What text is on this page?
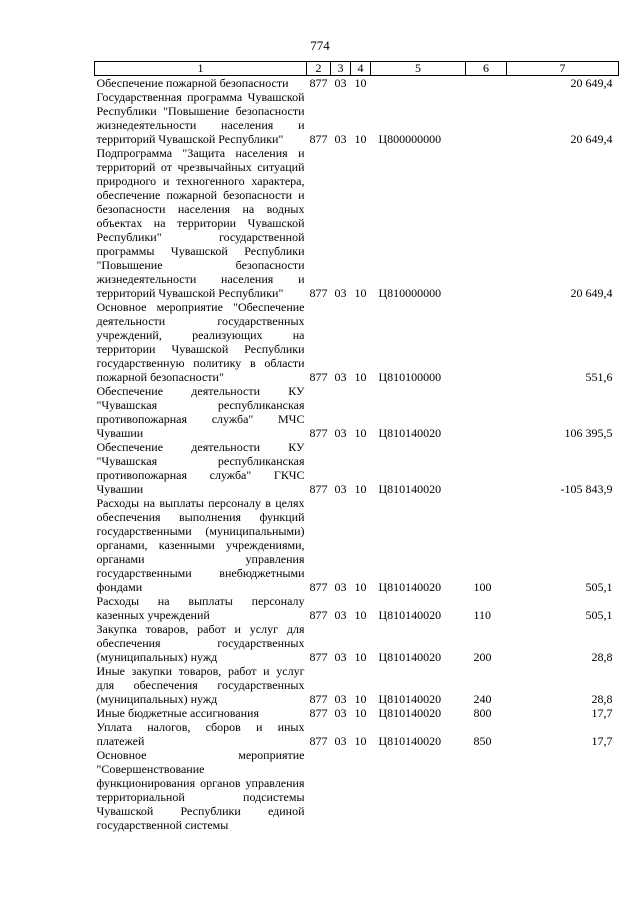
774
1	2	3	4	5	6	7
Обеспечение пожарной безопасности	877	03	10			20 649,4
Государственная программа Чувашской Республики "Повышение безопасности жизнедеятельности населения и территорий Чувашской Республики"	877	03	10	Ц800000000		20 649,4
Подпрограмма "Защита населения и территорий от чрезвычайных ситуаций природного и техногенного характера, обеспечение пожарной безопасности и безопасности населения на водных объектах на территории Чувашской Республики" государственной программы Чувашской Республики "Повышение безопасности жизнедеятельности населения и территорий Чувашской Республики"	877	03	10	Ц810000000		20 649,4
Основное мероприятие "Обеспечение деятельности государственных учреждений, реализующих на территории Чувашской Республики государственную политику в области пожарной безопасности"	877	03	10	Ц810100000		551,6
Обеспечение деятельности КУ "Чувашская республиканская противопожарная служба" МЧС Чувашии	877	03	10	Ц810140020		106 395,5
Обеспечение деятельности КУ "Чувашская республиканская противопожарная служба" ГКЧС Чувашии	877	03	10	Ц810140020		-105 843,9
Расходы на выплаты персоналу в целях обеспечения выполнения функций государственными (муниципальными) органами, казенными учреждениями, органами управления государственными внебюджетными фондами	877	03	10	Ц810140020	100	505,1
Расходы на выплаты персоналу казенных учреждений	877	03	10	Ц810140020	110	505,1
Закупка товаров, работ и услуг для обеспечения государственных (муниципальных) нужд	877	03	10	Ц810140020	200	28,8
Иные закупки товаров, работ и услуг для обеспечения государственных (муниципальных) нужд	877	03	10	Ц810140020	240	28,8
Иные бюджетные ассигнования	877	03	10	Ц810140020	800	17,7
Уплата налогов, сборов и иных платежей	877	03	10	Ц810140020	850	17,7
Основное мероприятие "Совершенствование функционирования органов управления территориальной подсистемы Чувашской Республики единой государственной системы						
